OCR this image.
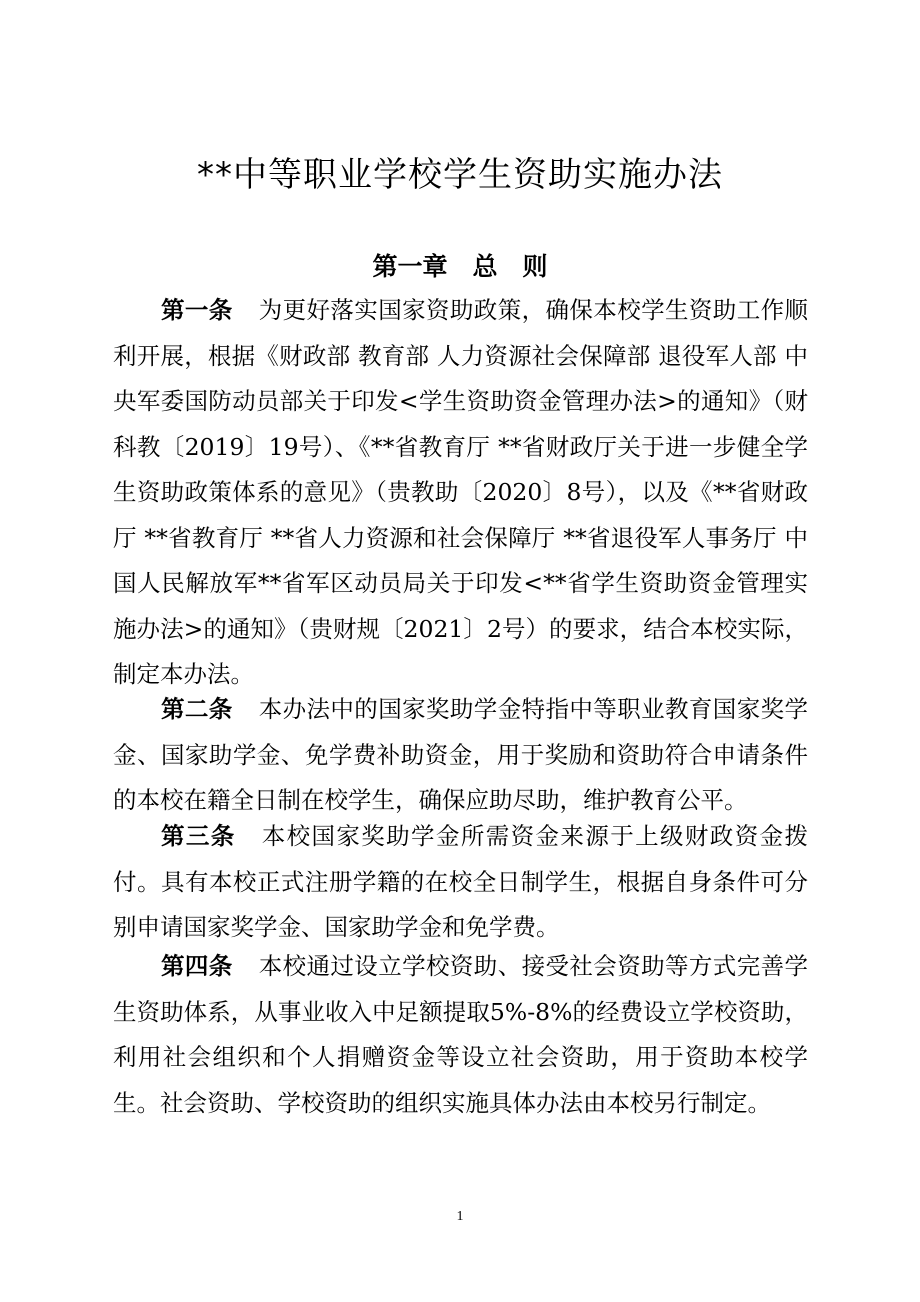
**中等职业学校学生资助实施办法
第一章　总　则

第一条 为更好落实国家资助政策，确保本校学生资助工作顺利开展，根据《财政部 教育部 人力资源社会保障部 退役军人部 中央军委国防动员部关于印发<学生资助资金管理办法>的通知》（财科教〔2019〕19号）、《**省教育厅 **省财政厅关于进一步健全学生资助政策体系的意见》（贵教助〔2020〕8号），以及《**省财政厅 **省教育厅 **省人力资源和社会保障厅 **省退役军人事务厅 中国人民解放军**省军区动员局关于印发<**省学生资助资金管理实施办法>的通知》（贵财规〔2021〕2号）的要求，结合本校实际，制定本办法。

第二条 本办法中的国家奖助学金特指中等职业教育国家奖学金、国家助学金、免学费补助资金，用于奖励和资助符合申请条件的本校在籍全日制在校学生，确保应助尽助，维护教育公平。

第三条 本校国家奖助学金所需资金来源于上级财政资金拨付。具有本校正式注册学籍的在校全日制学生，根据自身条件可分别申请国家奖学金、国家助学金和免学费。

第四条 本校通过设立学校资助、接受社会资助等方式完善学生资助体系，从事业收入中足额提取5%-8%的经费设立学校资助，利用社会组织和个人捐赠资金等设立社会资助，用于资助本校学生。社会资助、学校资助的组织实施具体办法由本校另行制定。

1
